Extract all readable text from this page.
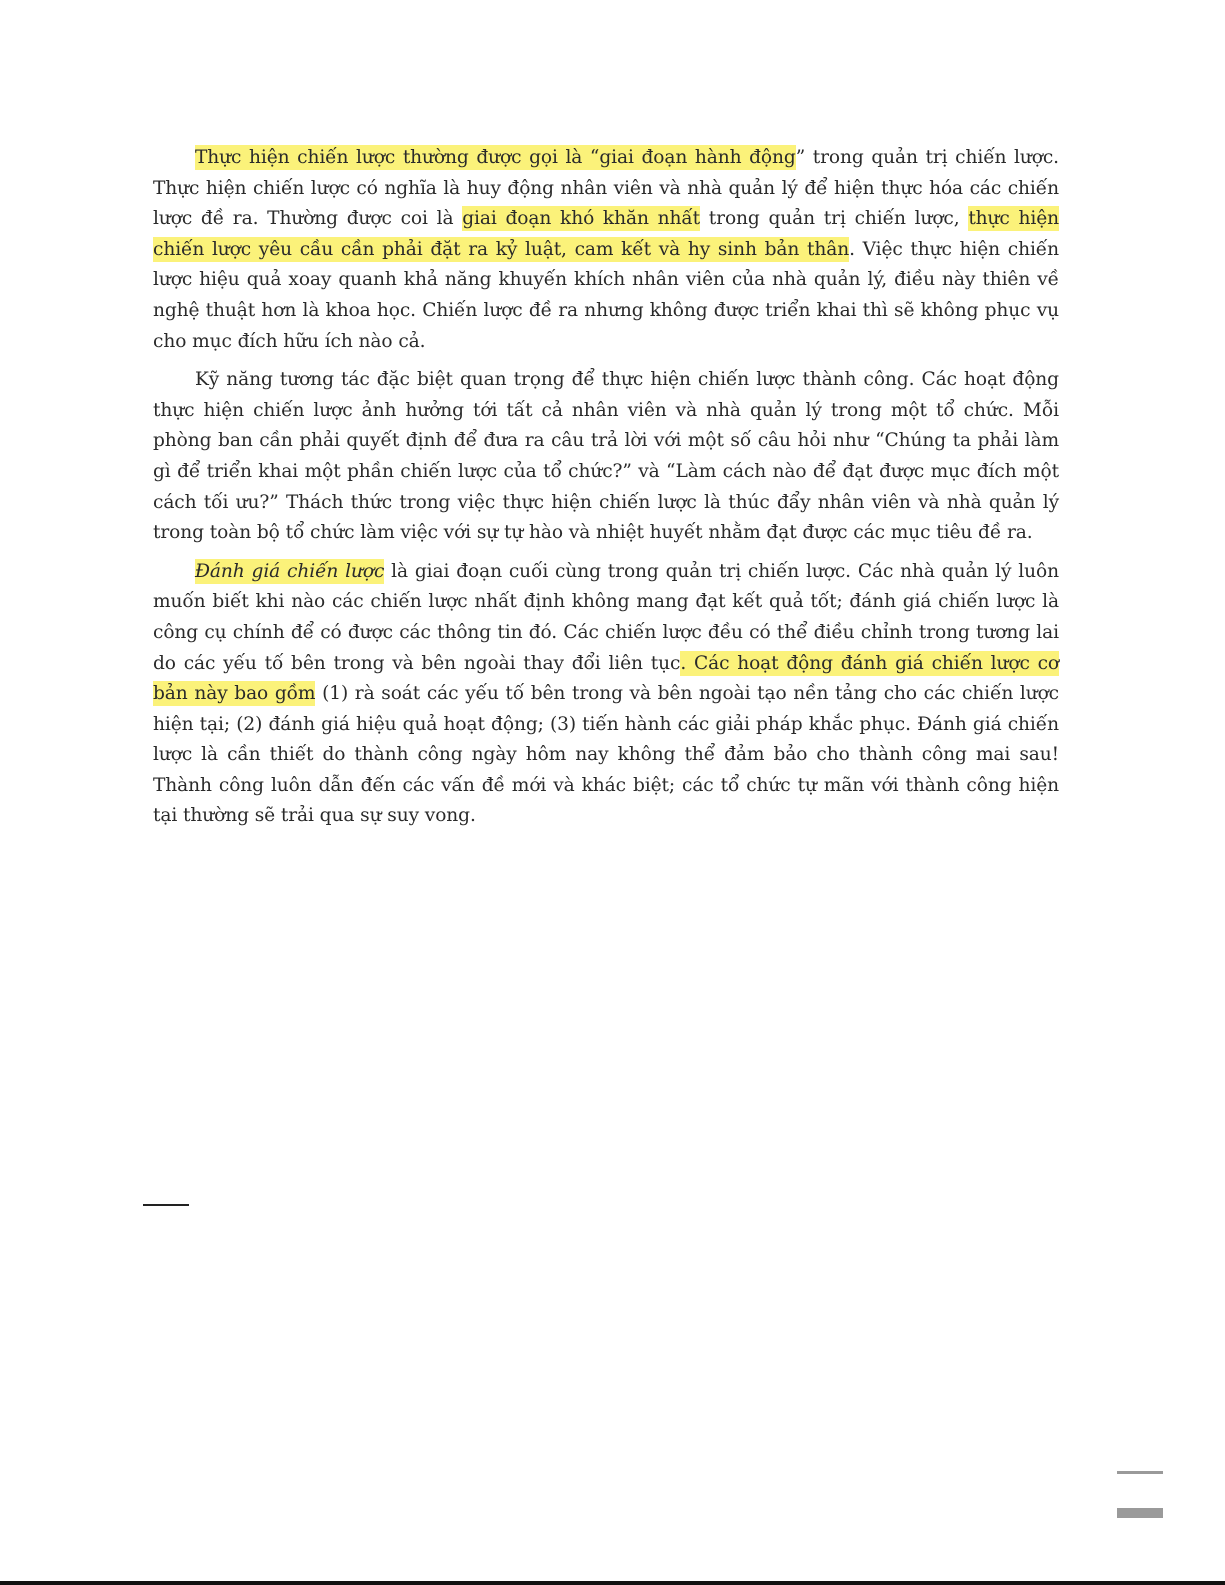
Thực hiện chiến lược thường được gọi là “giai đoạn hành động” trong quản trị chiến lược. Thực hiện chiến lược có nghĩa là huy động nhân viên và nhà quản lý để hiện thực hóa các chiến lược đề ra. Thường được coi là giai đoạn khó khăn nhất trong quản trị chiến lược, thực hiện chiến lược yêu cầu cần phải đặt ra kỷ luật, cam kết và hy sinh bản thân. Việc thực hiện chiến lược hiệu quả xoay quanh khả năng khuyến khích nhân viên của nhà quản lý, điều này thiên về nghệ thuật hơn là khoa học. Chiến lược đề ra nhưng không được triển khai thì sẽ không phục vụ cho mục đích hữu ích nào cả.

Kỹ năng tương tác đặc biệt quan trọng để thực hiện chiến lược thành công. Các hoạt động thực hiện chiến lược ảnh hưởng tới tất cả nhân viên và nhà quản lý trong một tổ chức. Mỗi phòng ban cần phải quyết định để đưa ra câu trả lời với một số câu hỏi như “Chúng ta phải làm gì để triển khai một phần chiến lược của tổ chức?” và “Làm cách nào để đạt được mục đích một cách tối ưu?” Thách thức trong việc thực hiện chiến lược là thúc đẩy nhân viên và nhà quản lý trong toàn bộ tổ chức làm việc với sự tự hào và nhiệt huyết nhằm đạt được các mục tiêu đề ra.

Đánh giá chiến lược là giai đoạn cuối cùng trong quản trị chiến lược. Các nhà quản lý luôn muốn biết khi nào các chiến lược nhất định không mang đạt kết quả tốt; đánh giá chiến lược là công cụ chính để có được các thông tin đó. Các chiến lược đều có thể điều chỉnh trong tương lai do các yếu tố bên trong và bên ngoài thay đổi liên tục. Các hoạt động đánh giá chiến lược cơ bản này bao gồm (1) rà soát các yếu tố bên trong và bên ngoài tạo nền tảng cho các chiến lược hiện tại; (2) đánh giá hiệu quả hoạt động; (3) tiến hành các giải pháp khắc phục. Đánh giá chiến lược là cần thiết do thành công ngày hôm nay không thể đảm bảo cho thành công mai sau! Thành công luôn dẫn đến các vấn đề mới và khác biệt; các tổ chức tự mãn với thành công hiện tại thường sẽ trải qua sự suy vong.
